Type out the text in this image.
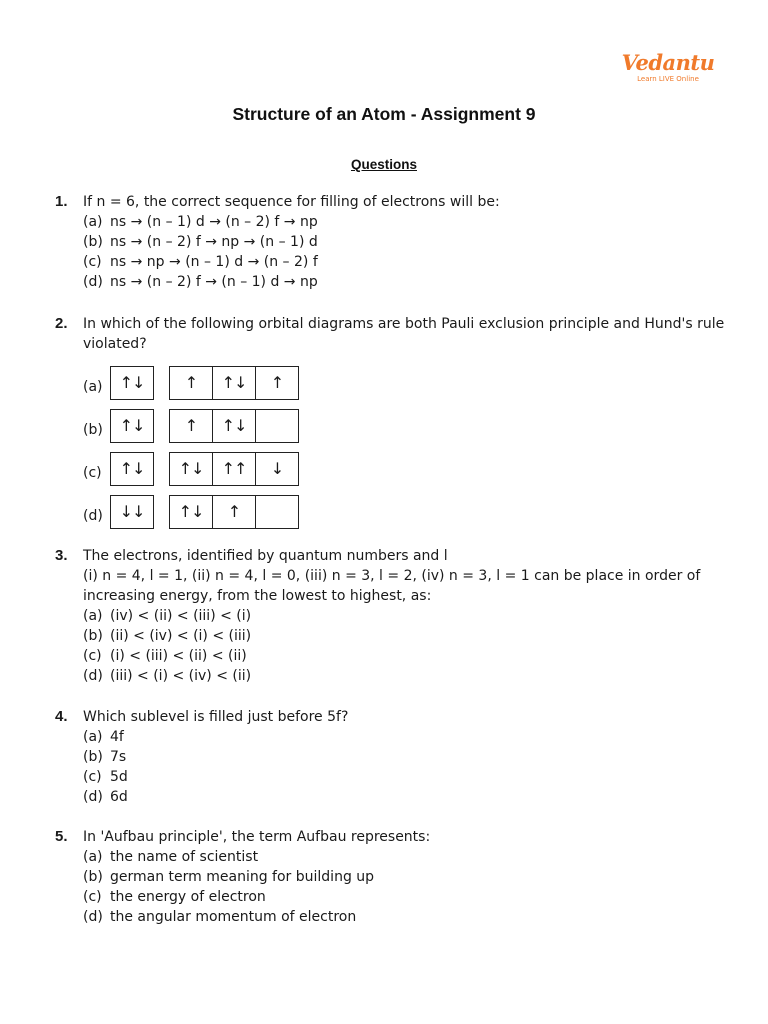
Vedantu
Learn LIVE Online
Structure of an Atom - Assignment 9
Questions
1. If n = 6, the correct sequence for filling of electrons will be:
(a) ns → (n – 1) d → (n – 2) f → np
(b) ns → (n – 2) f → np → (n – 1) d
(c) ns → np → (n – 1) d → (n – 2) f
(d) ns → (n – 2) f → (n – 1) d → np
2. In which of the following orbital diagrams are both Pauli exclusion principle and Hund's rule violated?
(a)	↑↓	↑	↑↓	↑
(b)	↑↓	↑	↑↓
(c)	↑↓	↑↓	↑↑	↓
(d)	↓↓	↑↓	↑
3. The electrons, identified by quantum numbers and l
(i) n = 4, l = 1, (ii) n = 4, l = 0, (iii) n = 3, l = 2, (iv) n = 3, l = 1 can be place in order of
increasing energy, from the lowest to highest, as:
(a) (iv) < (ii) < (iii) < (i)
(b) (ii) < (iv) < (i) < (iii)
(c) (i) < (iii) < (ii) < (ii)
(d) (iii) < (i) < (iv) < (ii)
4. Which sublevel is filled just before 5f?
(a) 4f
(b) 7s
(c) 5d
(d) 6d
5. In 'Aufbau principle', the term Aufbau represents:
(a) the name of scientist
(b) german term meaning for building up
(c) the energy of electron
(d) the angular momentum of electron
